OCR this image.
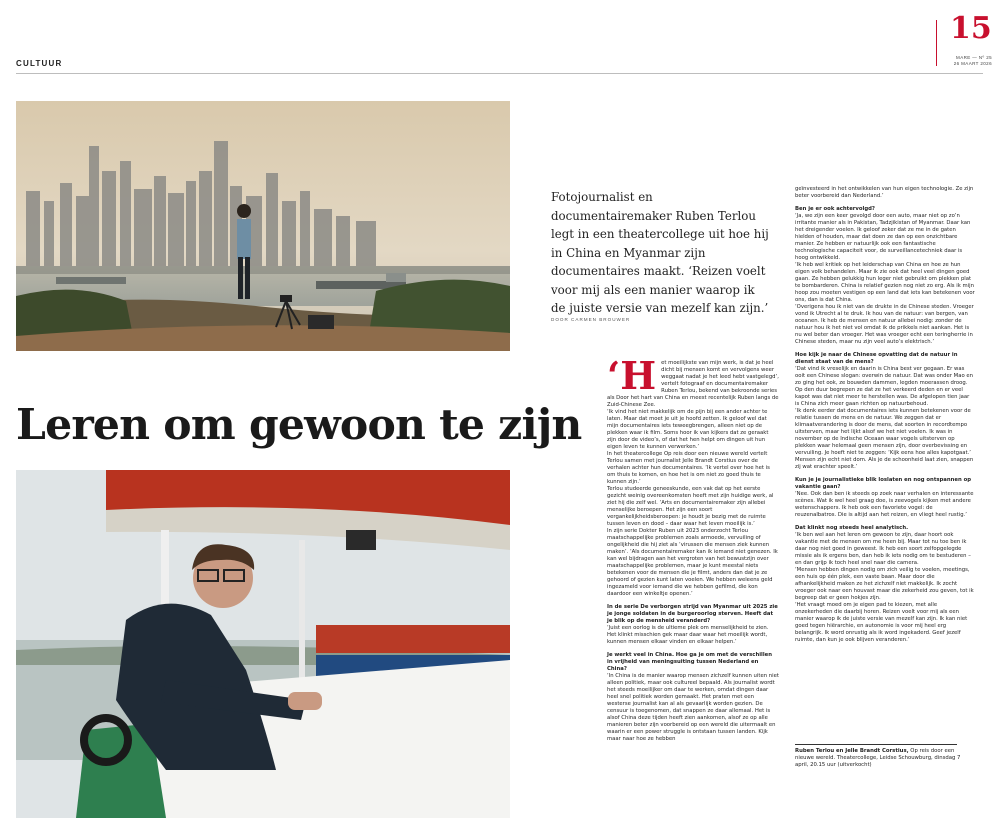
CULTUUR
15
MARE — Nº 25
26 MAART 2026
Leren om gewoon te zijn
Fotojournalist en documentairemaker Ruben Terlou legt in een theatercollege uit hoe hij in China en Myanmar zijn documentaires maakt. ‘Reizen voelt voor mij als een manier waarop ik de juiste versie van mezelf kan zijn.’
DOOR CARMEN BROUWER
‘H et moeilijkste van mijn werk, is dat je heel dicht bij mensen komt en vervolgens weer weggaat nadat je het leed hebt vastgelegd’, vertelt fotograaf en documentairemaker Ruben Terlou, bekend van bekroonde series als Door het hart van China en meest recentelijk Ruben langs de Zuid-Chinese Zee.

‘Ik vind het niet makkelijk om de pijn bij een ander achter te laten. Maar dat moet je uit je hoofd zetten. Ik geloof wel dat mijn documentaires iets teweegbrengen, alleen niet op de plekken waar ik film. Soms hoor ik van kijkers dat ze geraakt zijn door de video’s, of dat het hen helpt om dingen uit hun eigen leven te kunnen verwerken.’

In het theatercollege Op reis door een nieuwe wereld vertelt Terlou samen met journalist Jelle Brandt Corstius over de verhalen achter hun documentaires. ‘Ik vertel over hoe het is om thuis te komen, en hoe het is om niet zo goed thuis te kunnen zijn.’

Terlou studeerde geneeskunde, een vak dat op het eerste gezicht weinig overeenkomsten heeft met zijn huidige werk, al ziet hij die zelf wel. ‘Arts en documentairemaker zijn allebei menselijke beroepen. Het zijn een soort vergankelijkheidsberoepen: je houdt je bezig met de ruimte tussen leven en dood – daar waar het leven moeilijk is.’

In zijn serie Dokter Ruben uit 2023 onderzocht Terlou maatschappelijke problemen zoals armoede, vervuiling of ongelijkheid die hij ziet als ‘virussen die mensen ziek kunnen maken’. ‘Als documentairemaker kan ik iemand niet genezen. Ik kan wel bijdragen aan het vergroten van het bewustzijn over maatschappelijke problemen, maar je kunt meestal niets betekenen voor de mensen die je filmt, anders dan dat je ze gehoord of gezien kunt laten voelen. We hebben weleens geld ingezameld voor iemand die we hebben gefilmd, die kon daardoor een winkeltje openen.’

In de serie De verborgen strijd van Myanmar uit 2025 zie je jonge soldaten in de burgeroorlog sterven. Heeft dat je blik op de mensheid veranderd?

‘Juist een oorlog is de ultieme plek om menselijkheid te zien. Het klinkt misschien gek maar daar waar het moeilijk wordt, kunnen mensen elkaar vinden en elkaar helpen.’

Je werkt veel in China. Hoe ga je om met de verschillen in vrijheid van meningsuiting tussen Nederland en China?

‘In China is de manier waarop mensen zichzelf kunnen uiten niet alleen politiek, maar ook cultureel bepaald. Als journalist wordt het steeds moeilijker om daar te werken, omdat dingen daar heel snel politiek worden gemaakt. Het praten met een westerse journalist kan al als gevaarlijk worden gezien. De censuur is toegenomen, dat snappen ze daar allemaal. Het is alsof China deze tijden heeft zien aankomen, alsof ze op alle manieren beter zijn voorbereid op een wereld die uitermaalt en waarin er een power struggle is ontstaan tussen landen. Kijk maar naar hoe ze hebben

geïnvesteerd in het ontwikkelen van hun eigen technologie. Ze zijn beter voorbereid dan Nederland.’

Ben je er ook achtervolgd?

‘Ja, we zijn een keer gevolgd door een auto, maar niet op zo’n irritante manier als in Pakistan, Tadzjikistan of Myanmar. Daar kan het dreigender voelen. Ik geloof zeker dat ze me in de gaten hielden of houden, maar dat doen ze dan op een onzichtbare manier. Ze hebben er natuurlijk ook een fantastische technologische capaciteit voor, de surveillancetechniek daar is hoog ontwikkeld.

‘Ik heb wel kritiek op het leiderschap van China en hoe ze hun eigen volk behandelen. Maar ik zie ook dat heel veel dingen goed gaan. Ze hebben gelukkig hun leger niet gebruikt om plekken plat te bombarderen. China is relatief gezien nog niet zo erg. Als ik mijn hoop zou moeten vestigen op een land dat iets kan betekenen voor ons, dan is dat China.

‘Overigens hou ik niet van de drukte in de Chinese steden. Vroeger vond ik Utrecht al te druk. Ik hou van de natuur: van bergen, van oceanen. Ik heb de mensen en natuur allebei nodig: zonder de natuur hou ik het niet vol omdat ik de prikkels niet aankan. Het is nu wel beter dan vroeger. Het was vroeger echt een teringherrie in Chinese steden, maar nu zijn veel auto’s elektrisch.’

Hoe kijk je naar de Chinese opvatting dat de natuur in dienst staat van de mens?

‘Dat vind ik vreselijk en daarin is China best ver gegaan. Er was ooit een Chinese slogan: overwin de natuur. Dat was onder Mao en zo ging het ook, ze bouwden dammen, legden moerassen droog. Op den duur begrepen ze dat ze het verkeerd deden en er veel kapot was dat niet meer te herstellen was. De afgelopen tien jaar is China zich meer gaan richten op natuurbehoud.

‘Ik denk eerder dat documentaires iets kunnen betekenen voor de relatie tussen de mens en de natuur. We zeggen dat er klimaatverandering is door de mens, dat soorten in recordtempo uitsterven, maar het lijkt alsof we het niet voelen. Ik was in november op de Indische Oceaan waar vogels uitsterven op plekken waar helemaal geen mensen zijn, door overbevissing en vervuiling. Je hoeft niet te zeggen: ‘Kijk eens hoe alles kapotgaat.’ Mensen zijn echt niet dom. Als je de schoonheid laat zien, snappen zij wat erachter speelt.’

Kun je je journalistieke blik loslaten en nog ontspannen op vakantie gaan?

‘Nee. Ook dan ben ik steeds op zoek naar verhalen en interessante scènes. Wat ik wel heel graag doe, is zeevogels kijken met andere wetenschappers. Ik heb ook een favoriete vogel: de reuzenalbatros. Die is altijd aan het reizen, en vliegt heel rustig.’

Dat klinkt nog steeds heel analytisch.

‘Ik ben wel aan het leren om gewoon te zijn, daar hoort ook vakantie met de mensen om me heen bij. Maar tot nu toe ben ik daar nog niet goed in geweest. Ik heb een soort zelfopgelegde missie als ik ergens ben, dan heb ik iets nodig om te bestuderen – en dan grijp ik toch heel snel naar die camera.

‘Mensen hebben dingen nodig om zich veilig te voelen, meetings, een huis op één plek, een vaste baan. Maar door die afhankelijkheid maken ze het zichzelf niet makkelijk. Ik zocht vroeger ook naar een houvast maar die zekerheid zou geven, tot ik begreep dat er geen hokjes zijn.

‘Het vraagt moed om je eigen pad te kiezen, met alle onzekerheden die daarbij horen. Reizen voelt voor mij als een manier waarop ik de juiste versie van mezelf kan zijn. Ik kan niet goed tegen hiërarchie, en autonomie is voor mij heel erg belangrijk. Ik word onrustig als ik word ingekaderd. Geef jezelf ruimte, dan kun je ook blijven veranderen.’

Ruben Terlou en Jelle Brandt Corstius, Op reis door een nieuwe wereld. Theatercollege, Leidse Schouwburg, dinsdag 7 april, 20.15 uur (uitverkocht)
